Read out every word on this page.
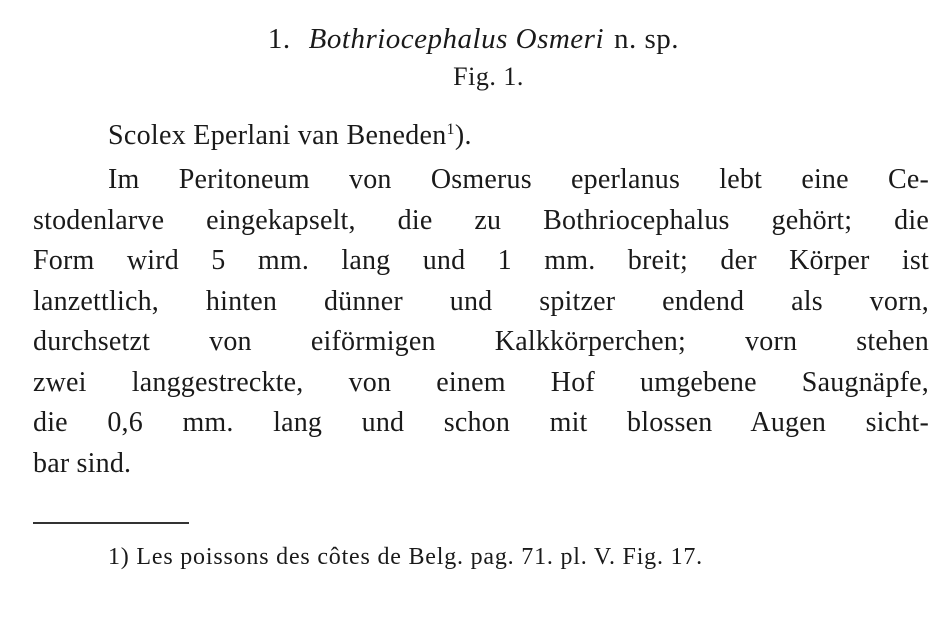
1. Bothriocephalus Osmeri n. sp.
Fig. 1.
Scolex Eperlani van Beneden$^1$).
Im Peritoneum von Osmerus eperlanus lebt eine Ce-
stodenlarve eingekapselt, die zu Bothriocephalus gehört; die
Form wird 5 mm. lang und 1 mm. breit; der Körper ist
lanzettlich, hinten dünner und spitzer endend als vorn,
durchsetzt von eiförmigen Kalkkörperchen; vorn stehen
zwei langgestreckte, von einem Hof umgebene Saugnäpfe,
die 0,6 mm. lang und schon mit blossen Augen sicht-
bar sind.
1) Les poissons des côtes de Belg. pag. 71. pl. V. Fig. 17.
